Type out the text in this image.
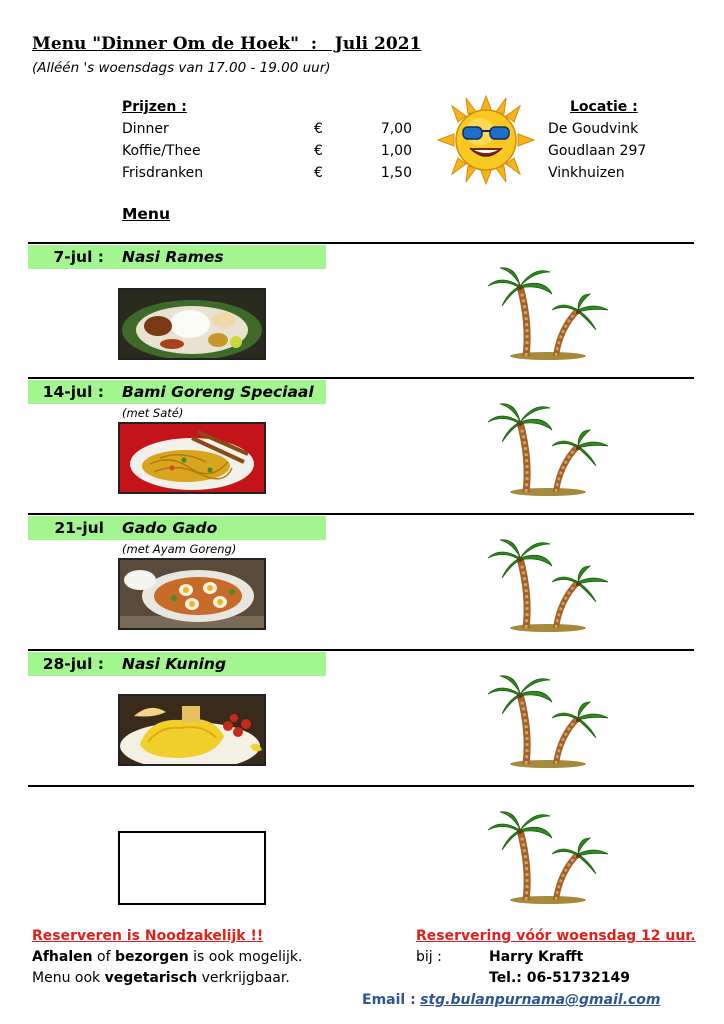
Menu "Dinner Om de Hoek"  :   Juli 2021
(Alléén 's woensdags van 17.00 - 19.00 uur)
Prijzen :
Dinner	€	7,00
Koffie/Thee	€	1,00
Frisdranken	€	1,50
Locatie :
De Goudvink
Goudlaan 297
Vinkhuizen
Menu
7-jul : Nasi Rames
14-jul : Bami Goreng Speciaal
(met Saté)
21-jul Gado Gado
(met Ayam Goreng)
28-jul : Nasi Kuning
Reserveren is Noodzakelijk !!
Afhalen of bezorgen is ook mogelijk.
Menu ook vegetarisch verkrijgbaar.
Reservering vóór woensdag 12 uur.
bij :	Harry Krafft
Tel.: 06-51732149
Email : stg.bulanpurnama@gmail.com
